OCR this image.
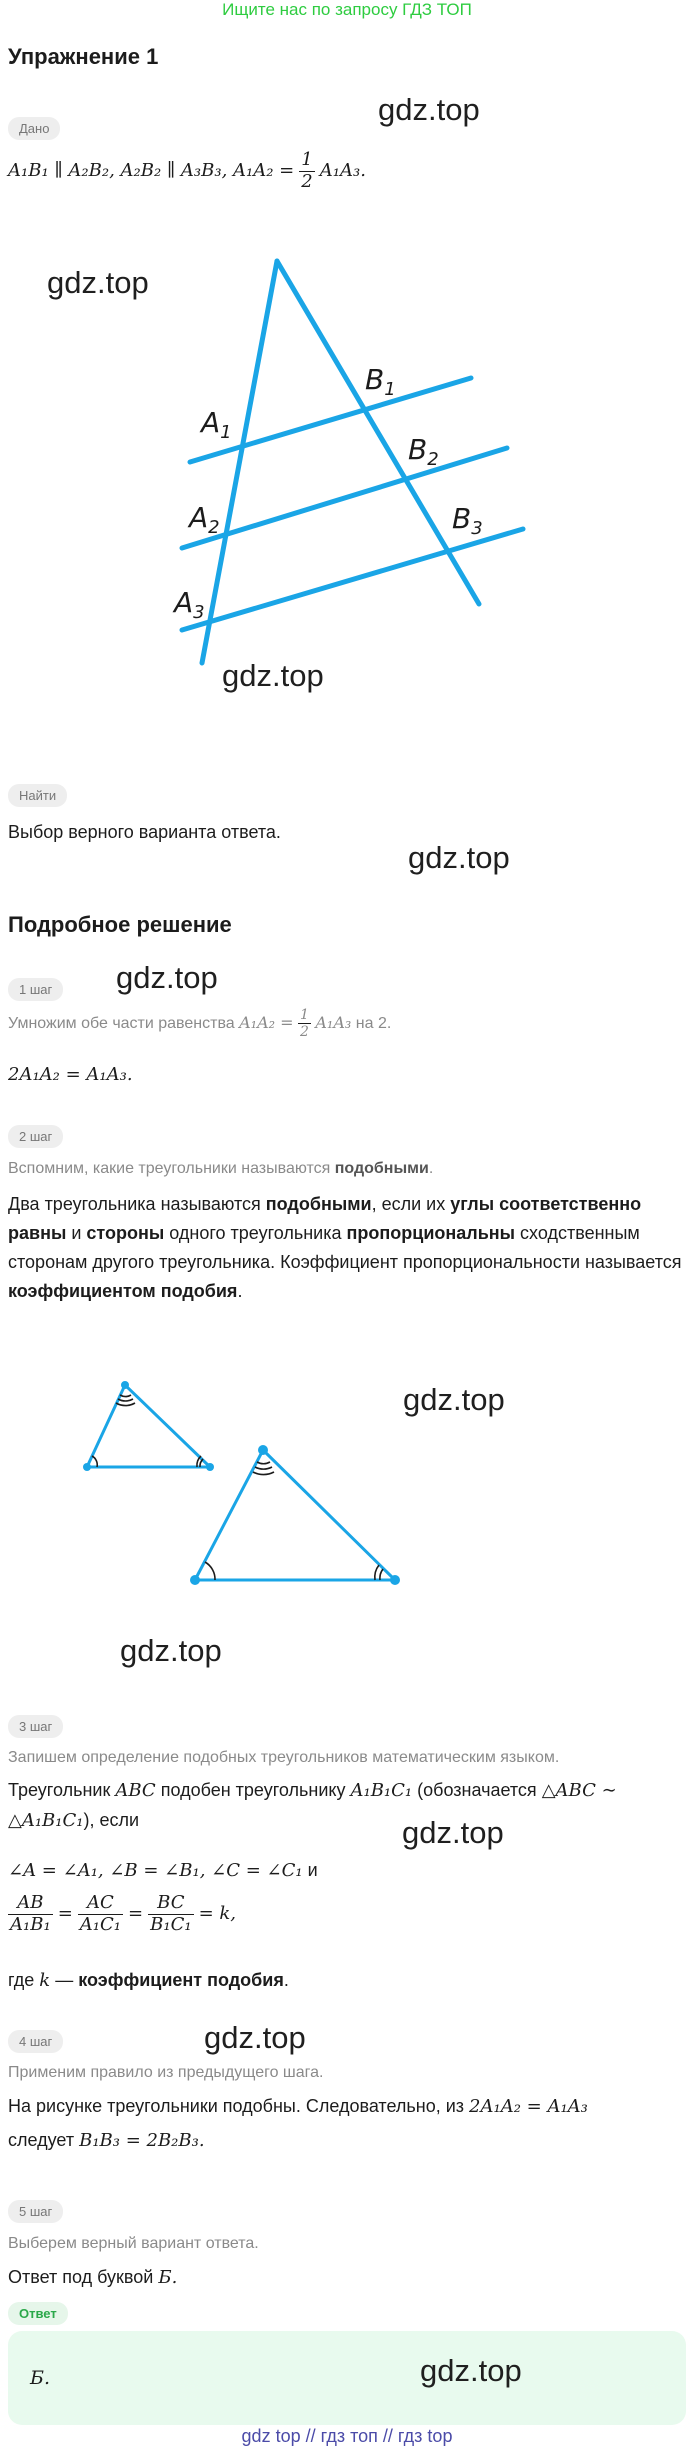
Ищите нас по запросу ГДЗ ТОП
Упражнение 1
gdz.top
Дано
A₁B₁ ∥ A₂B₂, A₂B₂ ∥ A₃B₃, $A_1A_2 = \frac{1}{2} A_1A_3$.
gdz.top
$A_1$
$B_1$
$A_2$
$B_2$
$A_3$
$B_3$
gdz.top
Найти
Выбор верного варианта ответа.
gdz.top
Подробное решение
gdz.top
1 шаг
Умножим обе части равенства $A_1A_2 = \frac{1}{2} A_1A_3$ на 2.
2A₁A₂ = A₁A₃.
2 шаг
Вспомним, какие треугольники называются подобными.
Два треугольника называются подобными, если их углы соответственно равны и стороны одного треугольника пропорциональны сходственным сторонам другого треугольника. Коэффициент пропорциональности называется коэффициентом подобия.
gdz.top
gdz.top
3 шаг
Запишем определение подобных треугольников математическим языком.
Треугольник ABC подобен треугольнику A₁B₁C₁ (обозначается △ABC ∼
△A₁B₁C₁), если	gdz.top
∠A = ∠A₁, ∠B = ∠B₁, ∠C = ∠C₁ и
$\frac{AB}{\text{A₁B₁}} = \frac{AC}{\text{A₁C₁}} = \frac{BC}{\text{B₁C₁}} = k$,
где k — коэффициент подобия.
4 шаг	gdz.top
Применим правило из предыдущего шага.
На рисунке треугольники подобны. Следовательно, из 2A₁A₂ = A₁A₃
следует B₁B₃ = 2B₂B₃.
5 шаг
Выберем верный вариант ответа.
Ответ под буквой Б.
Ответ
Б.	gdz.top
gdz top // гдз топ // гдз top
